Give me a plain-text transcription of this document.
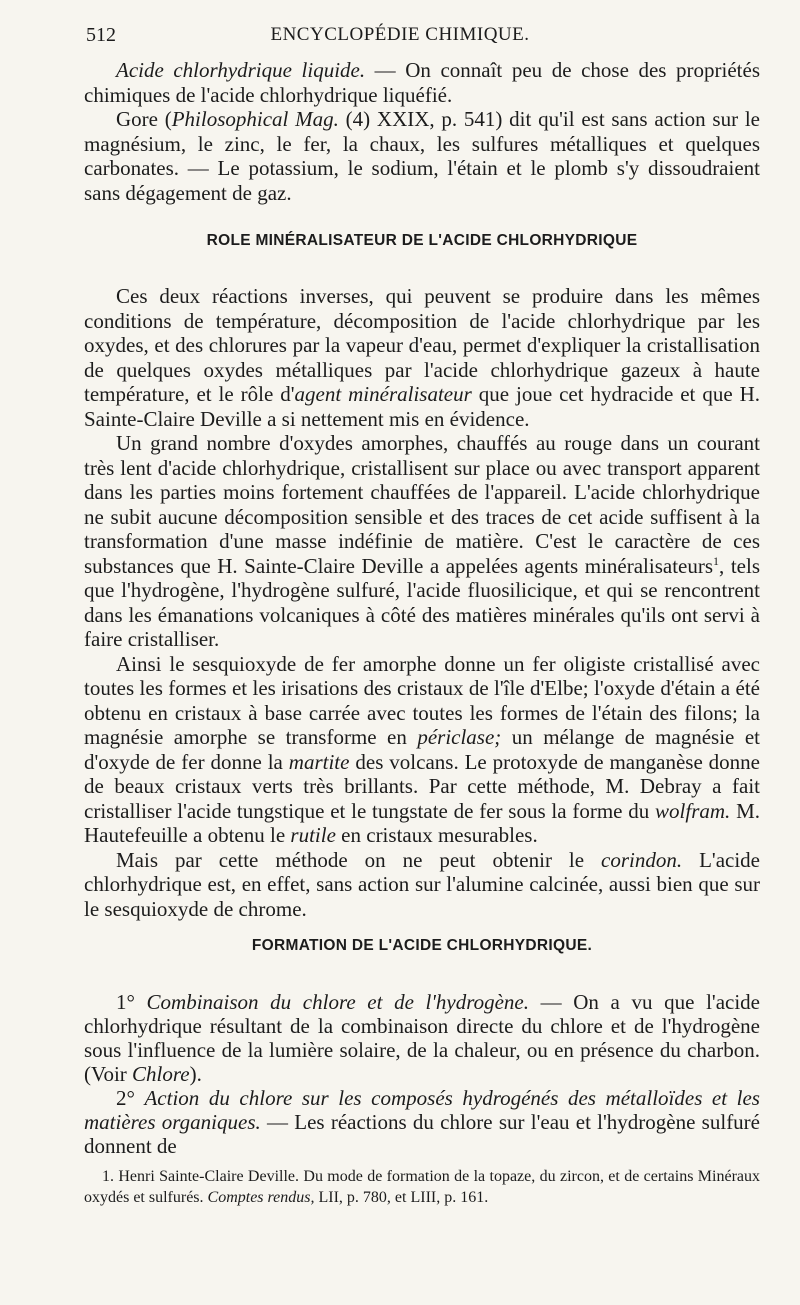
512	ENCYCLOPÉDIE CHIMIQUE.

Acide chlorhydrique liquide. — On connaît peu de chose des propriétés chimiques de l'acide chlorhydrique liquéfié.

Gore (Philosophical Mag. (4) XXIX, p. 541) dit qu'il est sans action sur le magnésium, le zinc, le fer, la chaux, les sulfures métalliques et quelques carbonates. — Le potassium, le sodium, l'étain et le plomb s'y dissoudraient sans dégagement de gaz.

ROLE MINÉRALISATEUR DE L'ACIDE CHLORHYDRIQUE

Ces deux réactions inverses, qui peuvent se produire dans les mêmes conditions de température, décomposition de l'acide chlorhydrique par les oxydes, et des chlorures par la vapeur d'eau, permet d'expliquer la cristallisation de quelques oxydes métalliques par l'acide chlorhydrique gazeux à haute température, et le rôle d'agent minéralisateur que joue cet hydracide et que H. Sainte-Claire Deville a si nettement mis en évidence.

Un grand nombre d'oxydes amorphes, chauffés au rouge dans un courant très lent d'acide chlorhydrique, cristallisent sur place ou avec transport apparent dans les parties moins fortement chauffées de l'appareil. L'acide chlorhydrique ne subit aucune décomposition sensible et des traces de cet acide suffisent à la transformation d'une masse indéfinie de matière. C'est le caractère de ces substances que H. Sainte-Claire Deville a appelées agents minéralisateurs$^1$, tels que l'hydrogène, l'hydrogène sulfuré, l'acide fluosilicique, et qui se rencontrent dans les émanations volcaniques à côté des matières minérales qu'ils ont servi à faire cristalliser.

Ainsi le sesquioxyde de fer amorphe donne un fer oligiste cristallisé avec toutes les formes et les irisations des cristaux de l'île d'Elbe; l'oxyde d'étain a été obtenu en cristaux à base carrée avec toutes les formes de l'étain des filons; la magnésie amorphe se transforme en périclase; un mélange de magnésie et d'oxyde de fer donne la martite des volcans. Le protoxyde de manganèse donne de beaux cristaux verts très brillants. Par cette méthode, M. Debray a fait cristalliser l'acide tungstique et le tungstate de fer sous la forme du wolfram. M. Hautefeuille a obtenu le rutile en cristaux mesurables.

Mais par cette méthode on ne peut obtenir le corindon. L'acide chlorhydrique est, en effet, sans action sur l'alumine calcinée, aussi bien que sur le sesquioxyde de chrome.

FORMATION DE L'ACIDE CHLORHYDRIQUE.

1° Combinaison du chlore et de l'hydrogène. — On a vu que l'acide chlorhydrique résultant de la combinaison directe du chlore et de l'hydrogène sous l'influence de la lumière solaire, de la chaleur, ou en présence du charbon. (Voir Chlore).

2° Action du chlore sur les composés hydrogénés des métalloïdes et les matières organiques. — Les réactions du chlore sur l'eau et l'hydrogène sulfuré donnent de

1. Henri Sainte-Claire Deville. Du mode de formation de la topaze, du zircon, et de certains Minéraux oxydés et sulfurés. Comptes rendus, LII, p. 780, et LIII, p. 161.
